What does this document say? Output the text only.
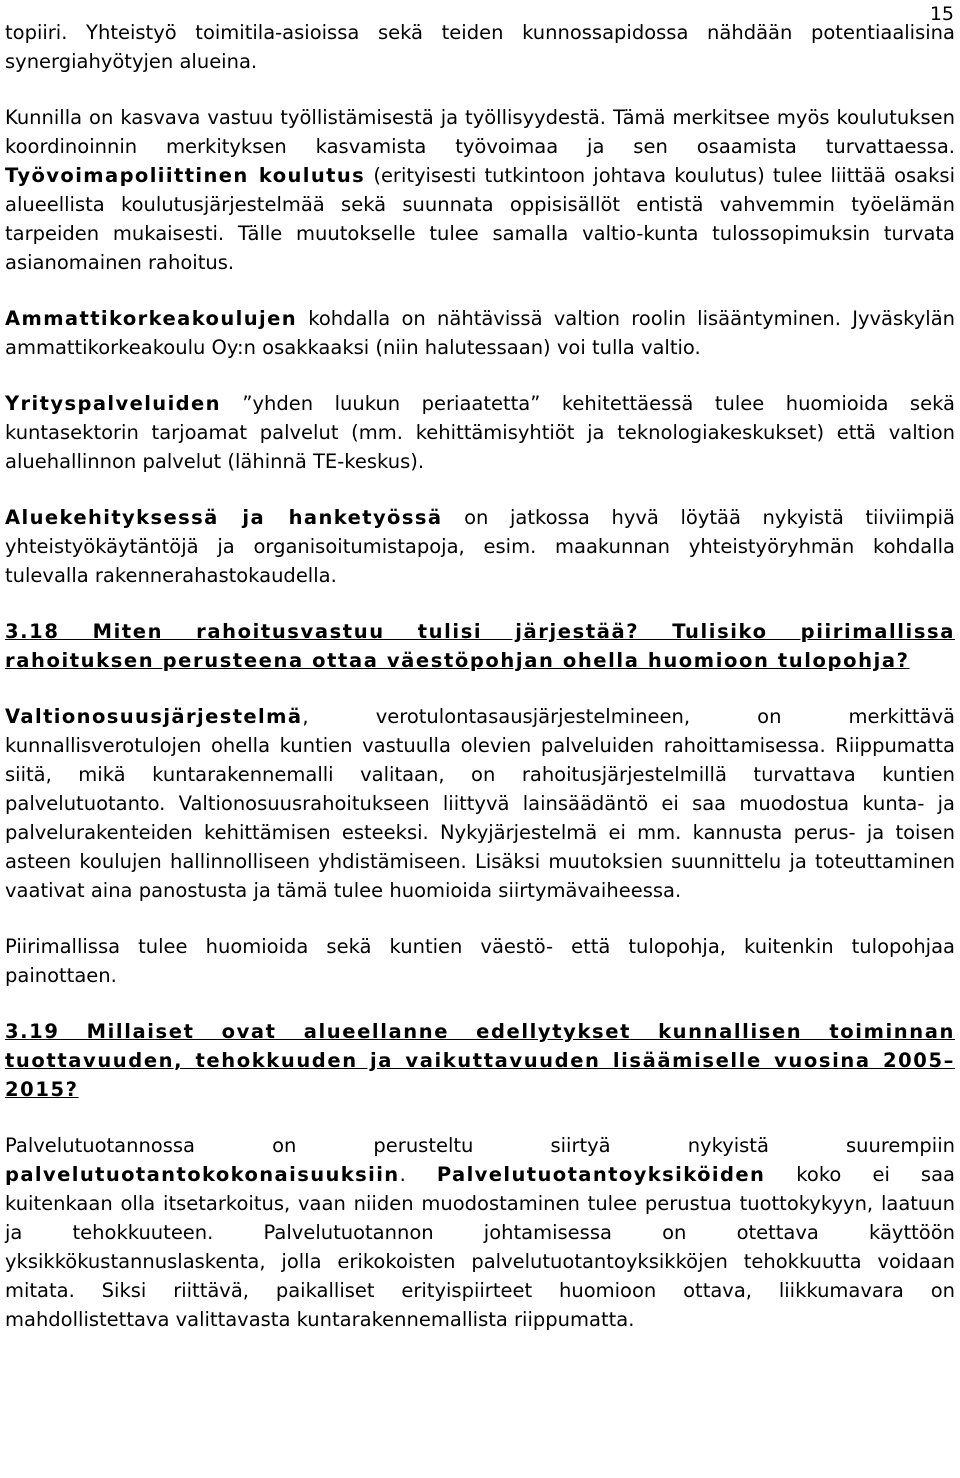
15

topiiri. Yhteistyö toimitila-asioissa sekä teiden kunnossapidossa nähdään potentiaalisina synergiahyötyjen alueina.

Kunnilla on kasvava vastuu työllistämisestä ja työllisyydestä. Tämä merkitsee myös koulutuksen koordinoinnin merkityksen kasvamista työvoimaa ja sen osaamista turvattaessa. Työvoimapoliittinen koulutus (erityisesti tutkintoon johtava koulutus) tulee liittää osaksi alueellista koulutusjärjestelmää sekä suunnata oppisisällöt entistä vahvemmin työelämän tarpeiden mukaisesti. Tälle muutokselle tulee samalla valtio-kunta tulossopimuksin turvata asianomainen rahoitus.

Ammattikorkeakoulujen kohdalla on nähtävissä valtion roolin lisääntyminen. Jyväskylän ammattikorkeakoulu Oy:n osakkaaksi (niin halutessaan) voi tulla valtio.

Yrityspalveluiden ”yhden luukun periaatetta” kehitettäessä tulee huomioida sekä kuntasektorin tarjoamat palvelut (mm. kehittämisyhtiöt ja teknologiakeskukset) että valtion aluehallinnon palvelut (lähinnä TE-keskus).

Aluekehityksessä ja hanketyössä on jatkossa hyvä löytää nykyistä tiiviimpiä yhteistyökäytäntöjä ja organisoitumistapoja, esim. maakunnan yhteistyöryhmän kohdalla tulevalla rakennerahastokaudella.

3.18 Miten rahoitusvastuu tulisi järjestää? Tulisiko piirimallissa rahoituksen perusteena ottaa väestöpohjan ohella huomioon tulopohja?

Valtionosuusjärjestelmä, verotulontasausjärjestelmineen, on merkittävä kunnallisverotulojen ohella kuntien vastuulla olevien palveluiden rahoittamisessa. Riippumatta siitä, mikä kuntarakennemalli valitaan, on rahoitusjärjestelmillä turvattava kuntien palvelutuotanto. Valtionosuusrahoitukseen liittyvä lainsäädäntö ei saa muodostua kunta- ja palvelurakenteiden kehittämisen esteeksi. Nykyjärjestelmä ei mm. kannusta perus- ja toisen asteen koulujen hallinnolliseen yhdistämiseen. Lisäksi muutoksien suunnittelu ja toteuttaminen vaativat aina panostusta ja tämä tulee huomioida siirtymävaiheessa.

Piirimallissa tulee huomioida sekä kuntien väestö- että tulopohja, kuitenkin tulopohjaa painottaen.

3.19 Millaiset ovat alueellanne edellytykset kunnallisen toiminnan tuottavuuden, tehokkuuden ja vaikuttavuuden lisäämiselle vuosina 2005–2015?

Palvelutuotannossa on perusteltu siirtyä nykyistä suurempiin palvelutuotantokokonaisuuksiin. Palvelutuotantoyksiköiden koko ei saa kuitenkaan olla itsetarkoitus, vaan niiden muodostaminen tulee perustua tuottokykyyn, laatuun ja tehokkuuteen. Palvelutuotannon johtamisessa on otettava käyttöön yksikkökustannuslaskenta, jolla erikokoisten palvelutuotantoyksikköjen tehokkuutta voidaan mitata. Siksi riittävä, paikalliset erityispiirteet huomioon ottava, liikkumavara on mahdollistettava valittavasta kuntarakennemallista riippumatta.
